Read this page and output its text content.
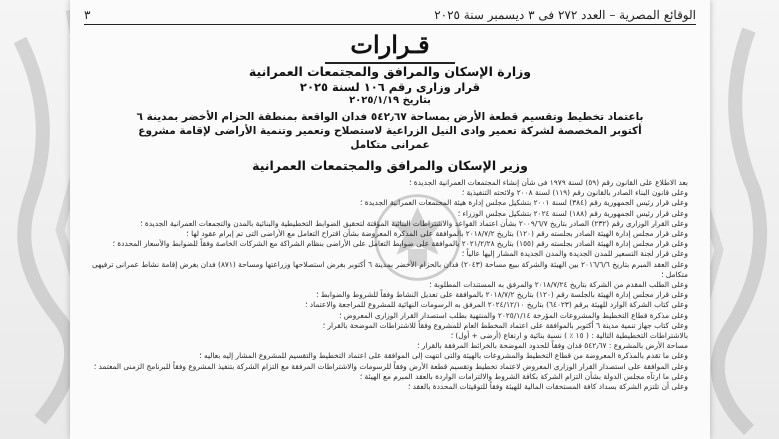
الوقائع المصرية – العدد ٢٧٢ فى ٣ ديسمبر سنة ٢٠٢٥
٣
قـرارات
وزارة الإسكان والمرافق والمجتمعات العمرانية
قرار وزارى رقم ١٠٦ لسنة ٢٠٢٥
بتاريخ ٢٠٢٥/١/١٩
باعتماد تخطيط وتقسيم قطعة الأرض بمساحة ٥٤٢٫٦٧ فدان الواقعة بمنطقة الحزام الأخضر بمدينة ٦ أكتوبر المخصصة لشركة تعمير وادى النيل الزراعية لاستصلاح وتعمير وتنمية الأراضى لإقامة مشروع عمرانى متكامل
وزير الإسكان والمرافق والمجتمعات العمرانية

بعد الاطلاع على القانون رقم (٥٩) لسنة ١٩٧٩ فى شأن إنشاء المجتمعات العمرانية الجديدة ؛

وعلى قانون البناء الصادر بالقانون رقم (١١٩) لسنة ٢٠٠٨ ولائحته التنفيذية ؛

وعلى قرار رئيس الجمهورية رقم (٣٨٤) لسنة ٢٠٠١ بتشكيل مجلس إدارة هيئة المجتمعات العمرانية الجديدة ؛

وعلى قرار رئيس الجمهورية رقم (١٨٨) لسنة ٢٠٢٤ بتشكيل مجلس الوزراء ؛

وعلى القرار الوزارى رقم (٢٣٢) الصادر بتاريخ ٢٠٠٩/٦/٧ بشأن اعتماد القواعد والاشتراطات البنائية المؤقتة لتحقيق الضوابط التخطيطية والبنائية بالمدن والتجمعات العمرانية الجديدة ؛

وعلى قرار مجلس إدارة الهيئة الصادر بجلسته رقم (١٢٠) بتاريخ ٢٠١٨/٧/٢ بالموافقة على المذكرة المعروضة بشأن اقتراح التعامل مع الأراضى التى تم إبرام عقود لها ؛

وعلى قرار مجلس إدارة الهيئة الصادر بجلسته رقم (١٥٥) بتاريخ ٢٠٢١/٢/٢٨ بالموافقة على ضوابط التعامل على الأراضى بنظام الشراكة مع الشركات الخاصة وفقاً للضوابط والأسعار المحددة ؛

وعلى قرار لجنة التسعير للمدن الجديدة والمدن الجديدة المشار إليها عالياً ؛

وعلى العقد المبرم بتاريخ ٢٠١٦/٦/٦ بين الهيئة والشركة ببيع مساحة (٢٠٤٣) فدان بالحزام الأخضر بمدينة ٦ أكتوبر بغرض استصلاحها وزراعتها ومساحة (٨٧١) فدان بغرض إقامة نشاط عمرانى ترفيهى متكامل ؛

وعلى الطلب المقدم من الشركة بتاريخ ٢٠١٨/٧/٢٤ والمرفق به المستندات المطلوبة ؛

وعلى قرار مجلس إدارة الهيئة بالجلسة رقم (١٢٠) بتاريخ ٢٠١٨/٧/٢ بالموافقة على تعديل النشاط وفقاً للشروط والضوابط ؛

وعلى كتاب الشركة الوارد للهيئة برقم (٦٤٠٢٣) بتاريخ ٢٠٢٤/١٢/١٠ المرفق به الرسومات النهائية للمشروع للمراجعة والاعتماد ؛

وعلى مذكرة قطاع التخطيط والمشروعات المؤرخة ٢٠٢٥/١/١٤ والمنتهية بطلب استصدار القرار الوزارى المعروض ؛

وعلى كتاب جهاز تنمية مدينة ٦ أكتوبر بالموافقة على اعتماد المخطط العام للمشروع وفقاً للاشتراطات الموضحة بالقرار ؛

بالاشتراطات التخطيطية التالية : ( ١٥ ٪ ) نسبة بنائية و ارتفاع (أرضى + أول) ؛

مساحة الأرض بالمشروع : ٥٤٢٫٦٧ فدان وفقاً للحدود الموضحة بالخرائط المرفقة بالقرار ؛

وعلى ما تقدم بالمذكرة المعروضة من قطاع التخطيط والمشروعات بالهيئة والتى انتهت إلى الموافقة على اعتماد التخطيط والتقسيم للمشروع المشار إليه بعاليه ؛

وعلى الموافقة على استصدار القرار الوزارى المعروض لاعتماد تخطيط وتقسيم قطعة الأرض وفقاً للرسومات والاشتراطات المرفقة مع التزام الشركة بتنفيذ المشروع وفقاً للبرنامج الزمنى المعتمد ؛

وعلى ما ارتآه مجلس الدولة بشأن التزام الشركة بكافة الشروط والالتزامات الواردة بالعقد المبرم مع الهيئة ؛

وعلى أن تلتزم الشركة بسداد كافة المستحقات المالية للهيئة وفقاً للتوقيتات المحددة بالعقد ؛
